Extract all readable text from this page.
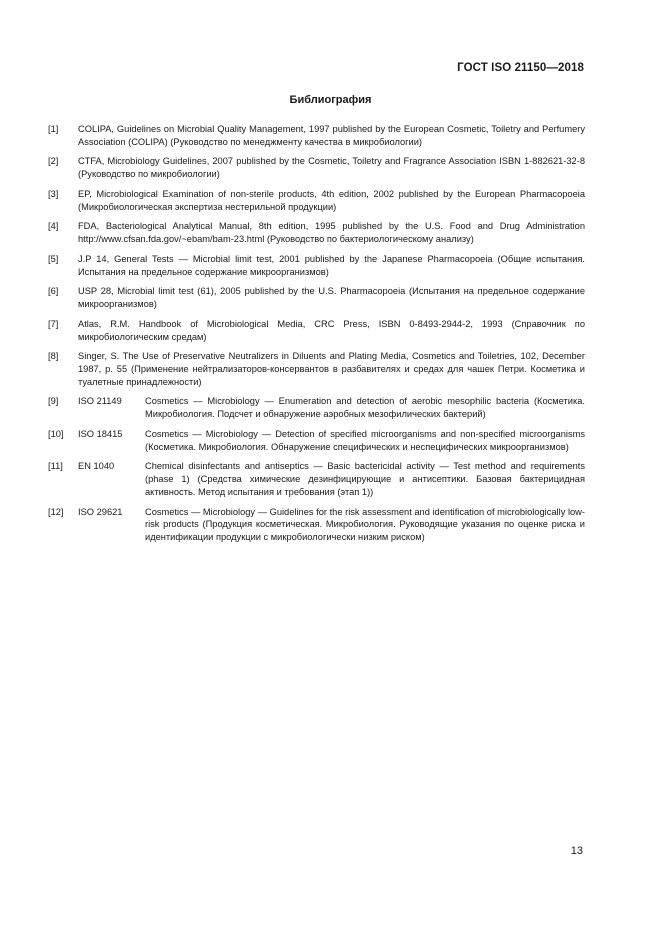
ГОСТ ISO 21150—2018
Библиография
[1] COLIPA, Guidelines on Microbial Quality Management, 1997 published by the European Cosmetic, Toiletry and Perfumery Association (COLIPA) (Руководство по менеджменту качества в микробиологии)
[2] CTFA, Microbiology Guidelines, 2007 published by the Cosmetic, Toiletry and Fragrance Association ISBN 1-882621-32-8 (Руководство по микробиологии)
[3] EP, Microbiological Examination of non-sterile products, 4th edition, 2002 published by the European Pharmacopoeia (Микробиологическая экспертиза нестерильной продукции)
[4] FDA, Bacteriological Analytical Manual, 8th edition, 1995 published by the U.S. Food and Drug Administration http://www.cfsan.fda.gov/~ebam/bam-23.html (Руководство по бактериологическому анализу)
[5] J.P 14, General Tests — Microbial limit test, 2001 published by the Japanese Pharmacopoeia (Общие испытания. Испытания на предельное содержание микроорганизмов)
[6] USP 28, Microbial limit test (61), 2005 published by the U.S. Pharmacopoeia (Испытания на предельное содержание микроорганизмов)
[7] Atlas, R.M. Handbook of Microbiological Media, CRC Press, ISBN 0-8493-2944-2, 1993 (Справочник по микробиологическим средам)
[8] Singer, S. The Use of Preservative Neutralizers in Diluents and Plating Media, Cosmetics and Toiletries, 102, December 1987, p. 55 (Применение нейтрализаторов-консервантов в разбавителях и средах для чашек Петри. Косметика и туалетные принадлежности)
[9] ISO 21149 Cosmetics — Microbiology — Enumeration and detection of aerobic mesophilic bacteria (Косметика. Микробиология. Подсчет и обнаружение аэробных мезофилических бактерий)
[10] ISO 18415 Cosmetics — Microbiology — Detection of specified microorganisms and non-specified microorganisms (Косметика. Микробиология. Обнаружение специфических и неспецифических микроорганизмов)
[11] EN 1040	Chemical disinfectants and antiseptics — Basic bactericidal activity — Test method and requirements (phase 1) (Средства химические дезинфицирующие и антисептики. Базовая бактерицидная активность. Метод испытания и требования (этап 1))
[12] ISO 29621 Cosmetics — Microbiology — Guidelines for the risk assessment and identification of microbiologically low-risk products (Продукция косметическая. Микробиология. Руководящие указания по оценке риска и идентификации продукции с микробиологически низким риском)
13
